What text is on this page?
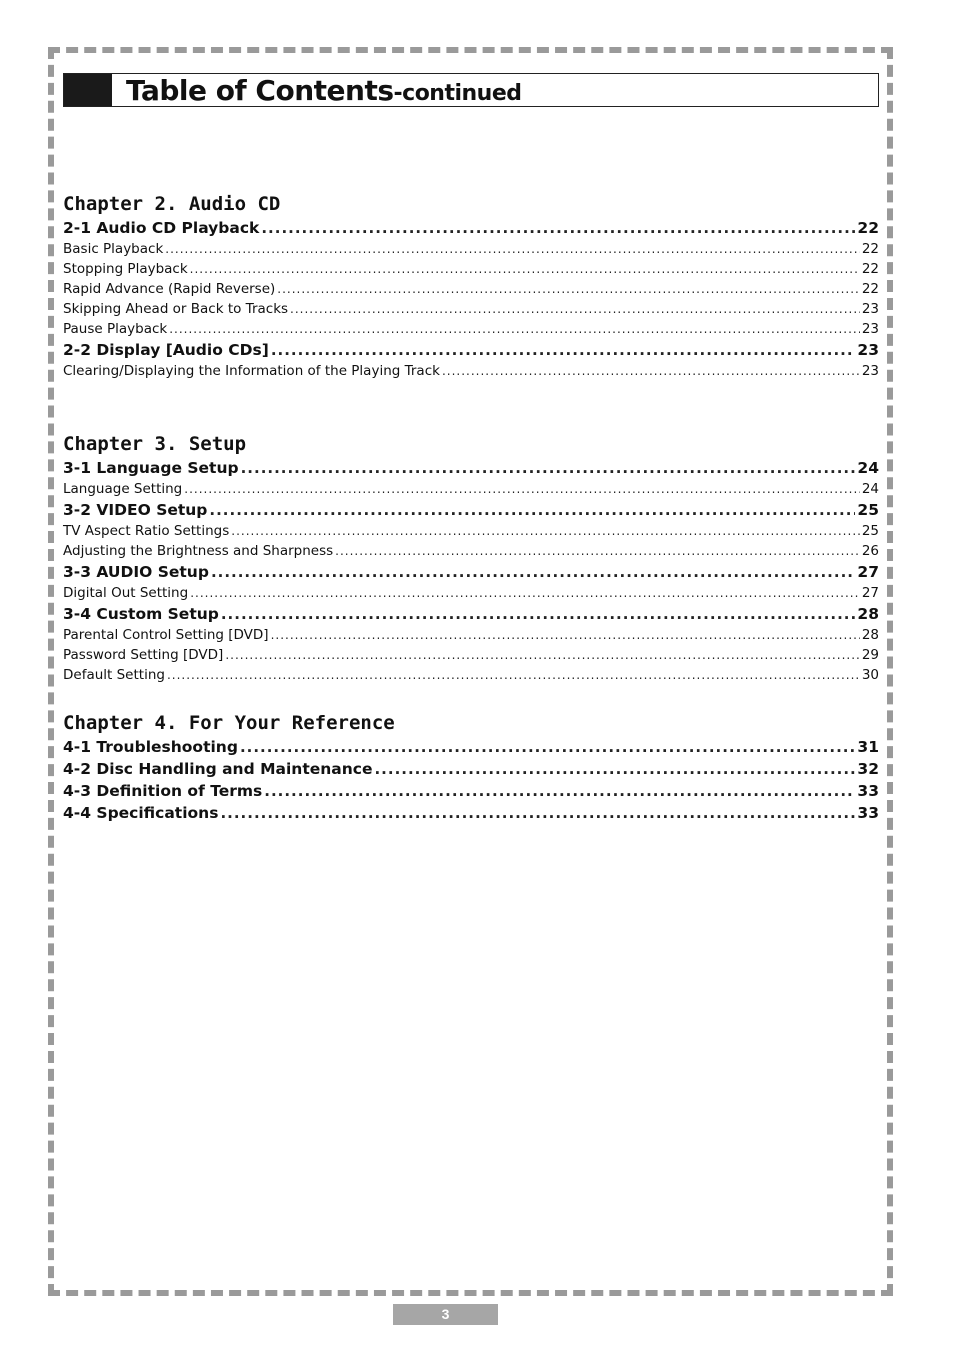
Table of Contents-continued
Chapter 2. Audio CD
2-1 Audio CD Playback .....	22
Basic Playback .....	22
Stopping Playback .....	22
Rapid Advance (Rapid Reverse) .....	22
Skipping Ahead or Back to Tracks .....	23
Pause Playback .....	23
2-2 Display [Audio CDs] .....	23
Clearing/Displaying the Information of the Playing Track .....	23
Chapter 3. Setup
3-1 Language Setup .....	24
Language Setting .....	24
3-2 VIDEO Setup .....	25
TV Aspect Ratio Settings .....	25
Adjusting the Brightness and Sharpness .....	26
3-3 AUDIO Setup .....	27
Digital Out Setting .....	27
3-4 Custom Setup .....	28
Parental Control Setting [DVD] .....	28
Password Setting [DVD] .....	29
Default Setting .....	30
Chapter 4. For Your Reference
4-1 Troubleshooting .....	31
4-2 Disc Handling and Maintenance .....	32
4-3 Definition of Terms .....	33
4-4 Specifications .....	33
3
